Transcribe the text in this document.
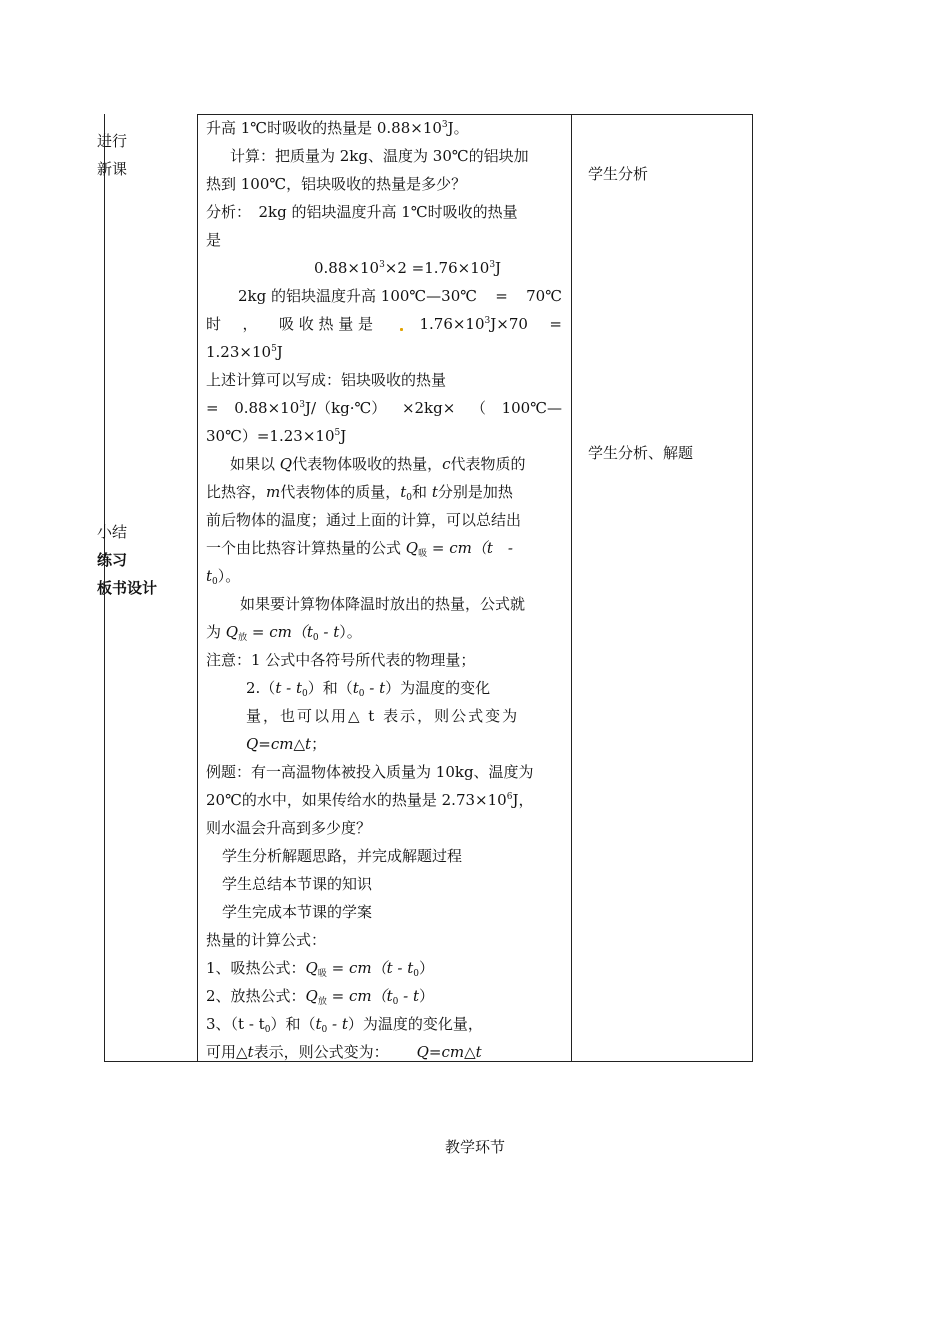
进行
新课
小结
练习
板书设计
学生分析
学生分析、解题
升高 1℃时吸收的热量是 $0.88\times 10^3J$。
计算：把质量为 2kg、温度为 30℃的铝块加
热到 100℃，铝块吸收的热量是多少？
分析：　2kg 的铝块温度升高 1℃时吸收的热量
是
$0.88\times 10^3\times 2 =1.76\times 10^3J$
2kg 的铝块温度升高 100℃—30℃ = 70℃
时 ， 吸 收 热 量 是	$1.76\times 10^3J\times 70$ =
$1.23\times 10^5J$
上述计算可以写成：铝块吸收的热量
= $0.88\times 10^3J/(kg\cdot℃) \times 2kg\times$ （ 100℃—
$30℃)=1.23\times 10^5J$
如果以 Q代表物体吸收的热量，c代表物质的
比热容，m代表物体的质量，$t_0$和 t分别是加热
前后物体的温度；通过上面的计算，可以总结出
一个由比热容计算热量的公式 $Q_吸 = cm(t$　-
$t_0$）。
如果要计算物体降温时放出的热量，公式就
为 $Q_放 = cm(t_0 - t)$。
注意：1 公式中各符号所代表的物理量；
$2.(t - t_0)$和$(t_0 - t)$为温度的变化
量，也可以用△ t 表示，则公式变为
Q=cm△t；
例题：有一高温物体被投入质量为 10kg、温度为
20℃的水中，如果传给水的热量是 $2.73\times 10^6J$，
则水温会升高到多少度？
学生分析解题思路，并完成解题过程
学生总结本节课的知识
学生完成本节课的学案
热量的计算公式：
1、吸热公式：$Q_吸 = cm(t - t_0)$
2、放热公式：$Q_放 = cm(t_0 - t)$
3、$(t - t_0)$和$(t_0 - t)$为温度的变化量，
可用△t表示，则公式变为： Q=cm△t
教学环节
